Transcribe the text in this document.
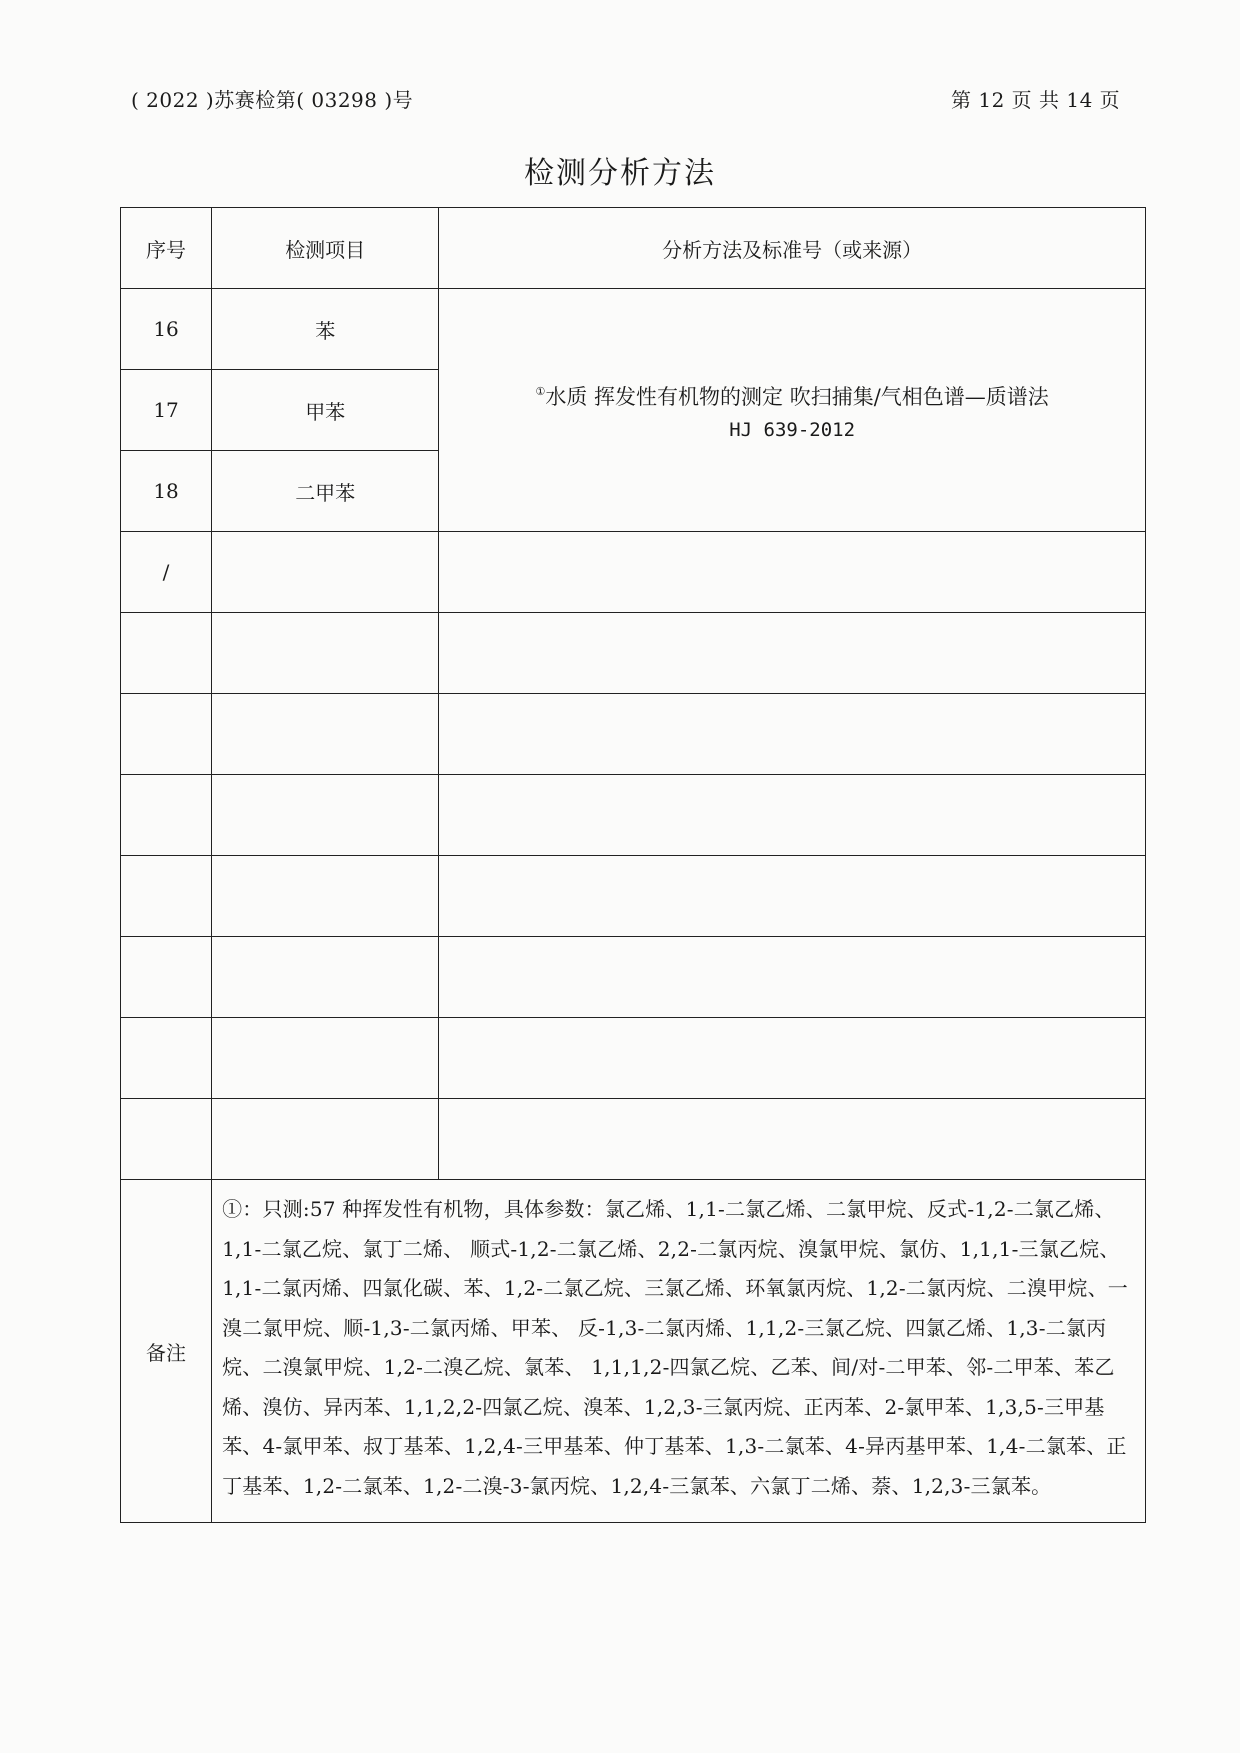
( 2022 )苏赛检第( 03298 )号	第 12 页 共 14 页
检测分析方法
序号	检测项目	分析方法及标准号（或来源）
16	苯	①水质 挥发性有机物的测定 吹扫捕集/气相色谱—质谱法
HJ 639-2012

17	甲苯	
18	二甲苯	
/		

备注	①：只测:57 种挥发性有机物，具体参数：氯乙烯、1,1-二氯乙烯、二氯甲烷、反式-1,2-二氯乙烯、1,1-二氯乙烷、氯丁二烯、 顺式-1,2-二氯乙烯、2,2-二氯丙烷、溴氯甲烷、氯仿、1,1,1-三氯乙烷、1,1-二氯丙烯、四氯化碳、苯、1,2-二氯乙烷、三氯乙烯、环氧氯丙烷、1,2-二氯丙烷、二溴甲烷、一溴二氯甲烷、顺-1,3-二氯丙烯、甲苯、 反-1,3-二氯丙烯、1,1,2-三氯乙烷、四氯乙烯、1,3-二氯丙烷、二溴氯甲烷、1,2-二溴乙烷、氯苯、 1,1,1,2-四氯乙烷、乙苯、间/对-二甲苯、邻-二甲苯、苯乙烯、溴仿、异丙苯、1,1,2,2-四氯乙烷、溴苯、1,2,3-三氯丙烷、正丙苯、2-氯甲苯、1,3,5-三甲基苯、4-氯甲苯、叔丁基苯、1,2,4-三甲基苯、仲丁基苯、1,3-二氯苯、4-异丙基甲苯、1,4-二氯苯、正丁基苯、1,2-二氯苯、1,2-二溴-3-氯丙烷、1,2,4-三氯苯、六氯丁二烯、萘、1,2,3-三氯苯。	
